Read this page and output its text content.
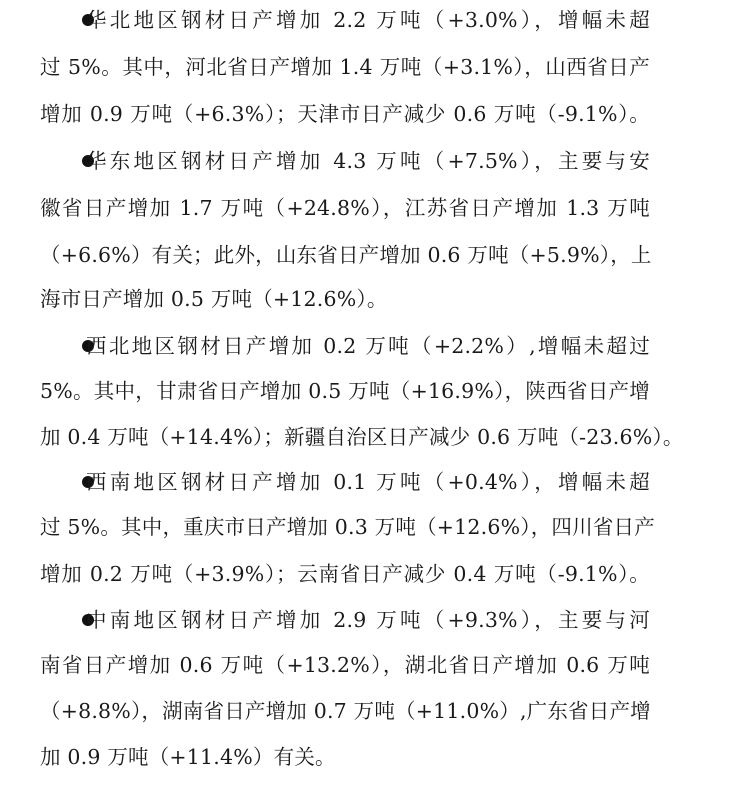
华北地区钢材日产增加 2.2 万吨（+3.0%），增幅未超
过 5%。其中，河北省日产增加 1.4 万吨（+3.1%），山西省日产
增加 0.9 万吨（+6.3%）；天津市日产减少 0.6 万吨（-9.1%）。
华东地区钢材日产增加 4.3 万吨（+7.5%），主要与安
徽省日产增加 1.7 万吨（+24.8%），江苏省日产增加 1.3 万吨
（+6.6%）有关；此外，山东省日产增加 0.6 万吨（+5.9%），上
海市日产增加 0.5 万吨（+12.6%）。
西北地区钢材日产增加 0.2 万吨（+2.2%）,增幅未超过
5%。其中，甘肃省日产增加 0.5 万吨（+16.9%），陕西省日产增
加 0.4 万吨（+14.4%）；新疆自治区日产减少 0.6 万吨（-23.6%）。
西南地区钢材日产增加 0.1 万吨（+0.4%），增幅未超
过 5%。其中，重庆市日产增加 0.3 万吨（+12.6%），四川省日产
增加 0.2 万吨（+3.9%）；云南省日产减少 0.4 万吨（-9.1%）。
中南地区钢材日产增加 2.9 万吨（+9.3%），主要与河
南省日产增加 0.6 万吨（+13.2%），湖北省日产增加 0.6 万吨
（+8.8%），湖南省日产增加 0.7 万吨（+11.0%）,广东省日产增
加 0.9 万吨（+11.4%）有关。
